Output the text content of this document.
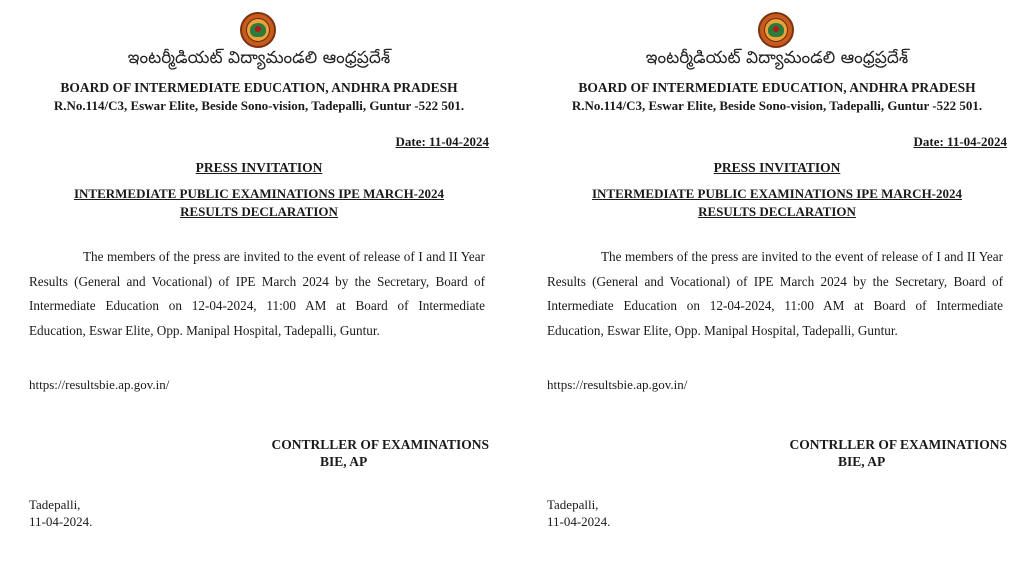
ఇంటర్మీడియట్ విద్యామండలి ఆంధ్రప్రదేశ్
BOARD OF INTERMEDIATE EDUCATION, ANDHRA PRADESH
R.No.114/C3, Eswar Elite, Beside Sono-vision, Tadepalli, Guntur -522 501.
Date: 11-04-2024
PRESS INVITATION
INTERMEDIATE PUBLIC EXAMINATIONS IPE MARCH-2024
RESULTS DECLARATION

The members of the press are invited to the event of release of I and II Year Results (General and Vocational) of IPE March 2024 by the Secretary, Board of Intermediate Education on 12-04-2024, 11:00 AM at Board of Intermediate Education, Eswar Elite, Opp. Manipal Hospital, Tadepalli, Guntur.

https://resultsbie.ap.gov.in/
CONTRLLER OF EXAMINATIONS
BIE, AP
Tadepalli,
11-04-2024.
ఇంటర్మీడియట్ విద్యామండలి ఆంధ్రప్రదేశ్
BOARD OF INTERMEDIATE EDUCATION, ANDHRA PRADESH
R.No.114/C3, Eswar Elite, Beside Sono-vision, Tadepalli, Guntur -522 501.
Date: 11-04-2024
PRESS INVITATION
INTERMEDIATE PUBLIC EXAMINATIONS IPE MARCH-2024
RESULTS DECLARATION

The members of the press are invited to the event of release of I and II Year Results (General and Vocational) of IPE March 2024 by the Secretary, Board of Intermediate Education on 12-04-2024, 11:00 AM at Board of Intermediate Education, Eswar Elite, Opp. Manipal Hospital, Tadepalli, Guntur.

https://resultsbie.ap.gov.in/
CONTRLLER OF EXAMINATIONS
BIE, AP
Tadepalli,
11-04-2024.
